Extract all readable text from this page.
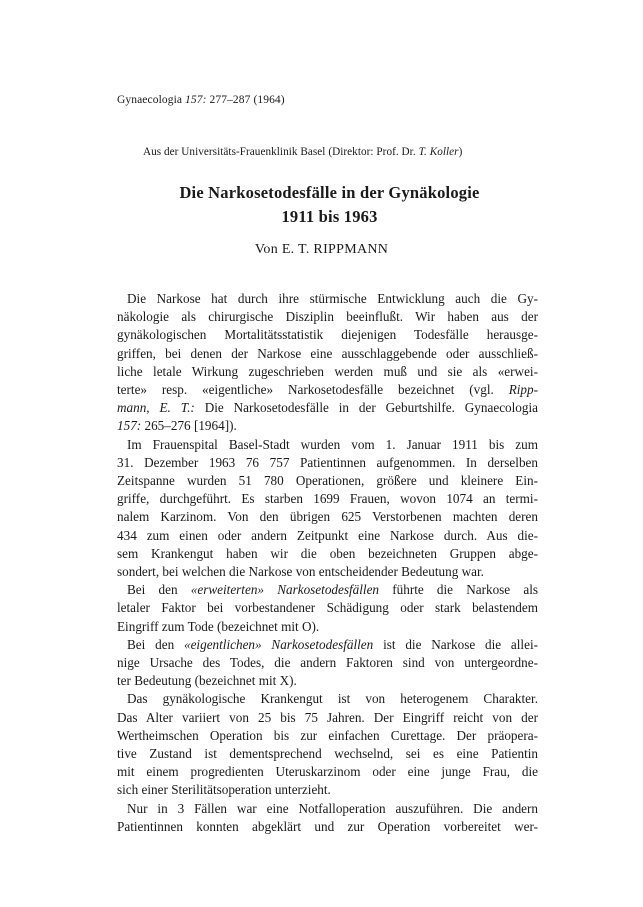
Gynaecologia 157: 277–287 (1964)
Aus der Universitäts-Frauenklinik Basel (Direktor: Prof. Dr. T. Koller)
Die Narkosetodesfälle in der Gynäkologie
1911 bis 1963
Von E. T. RIPPMANN
Die Narkose hat durch ihre stürmische Entwicklung auch die Gy-
näkologie als chirurgische Disziplin beeinflußt. Wir haben aus der
gynäkologischen Mortalitätsstatistik diejenigen Todesfälle herausge-
griffen, bei denen der Narkose eine ausschlaggebende oder ausschließ-
liche letale Wirkung zugeschrieben werden muß und sie als «erwei-
terte» resp. «eigentliche» Narkosetodesfälle bezeichnet (vgl. Ripp-
mann, E. T.: Die Narkosetodesfälle in der Geburtshilfe. Gynaecologia
157: 265–276 [1964]).
Im Frauenspital Basel-Stadt wurden vom 1. Januar 1911 bis zum
31. Dezember 1963 76 757 Patientinnen aufgenommen. In derselben
Zeitspanne wurden 51 780 Operationen, größere und kleinere Ein-
griffe, durchgeführt. Es starben 1699 Frauen, wovon 1074 an termi-
nalem Karzinom. Von den übrigen 625 Verstorbenen machten deren
434 zum einen oder andern Zeitpunkt eine Narkose durch. Aus die-
sem Krankengut haben wir die oben bezeichneten Gruppen abge-
sondert, bei welchen die Narkose von entscheidender Bedeutung war.
Bei den «erweiterten» Narkosetodesfällen führte die Narkose als
letaler Faktor bei vorbestandener Schädigung oder stark belastendem
Eingriff zum Tode (bezeichnet mit O).
Bei den «eigentlichen» Narkosetodesfällen ist die Narkose die allei-
nige Ursache des Todes, die andern Faktoren sind von untergeordne-
ter Bedeutung (bezeichnet mit X).
Das gynäkologische Krankengut ist von heterogenem Charakter.
Das Alter variiert von 25 bis 75 Jahren. Der Eingriff reicht von der
Wertheimschen Operation bis zur einfachen Curettage. Der präopera-
tive Zustand ist dementsprechend wechselnd, sei es eine Patientin
mit einem progredienten Uteruskarzinom oder eine junge Frau, die
sich einer Sterilitätsoperation unterzieht.
Nur in 3 Fällen war eine Notfalloperation auszuführen. Die andern
Patientinnen konnten abgeklärt und zur Operation vorbereitet wer-
